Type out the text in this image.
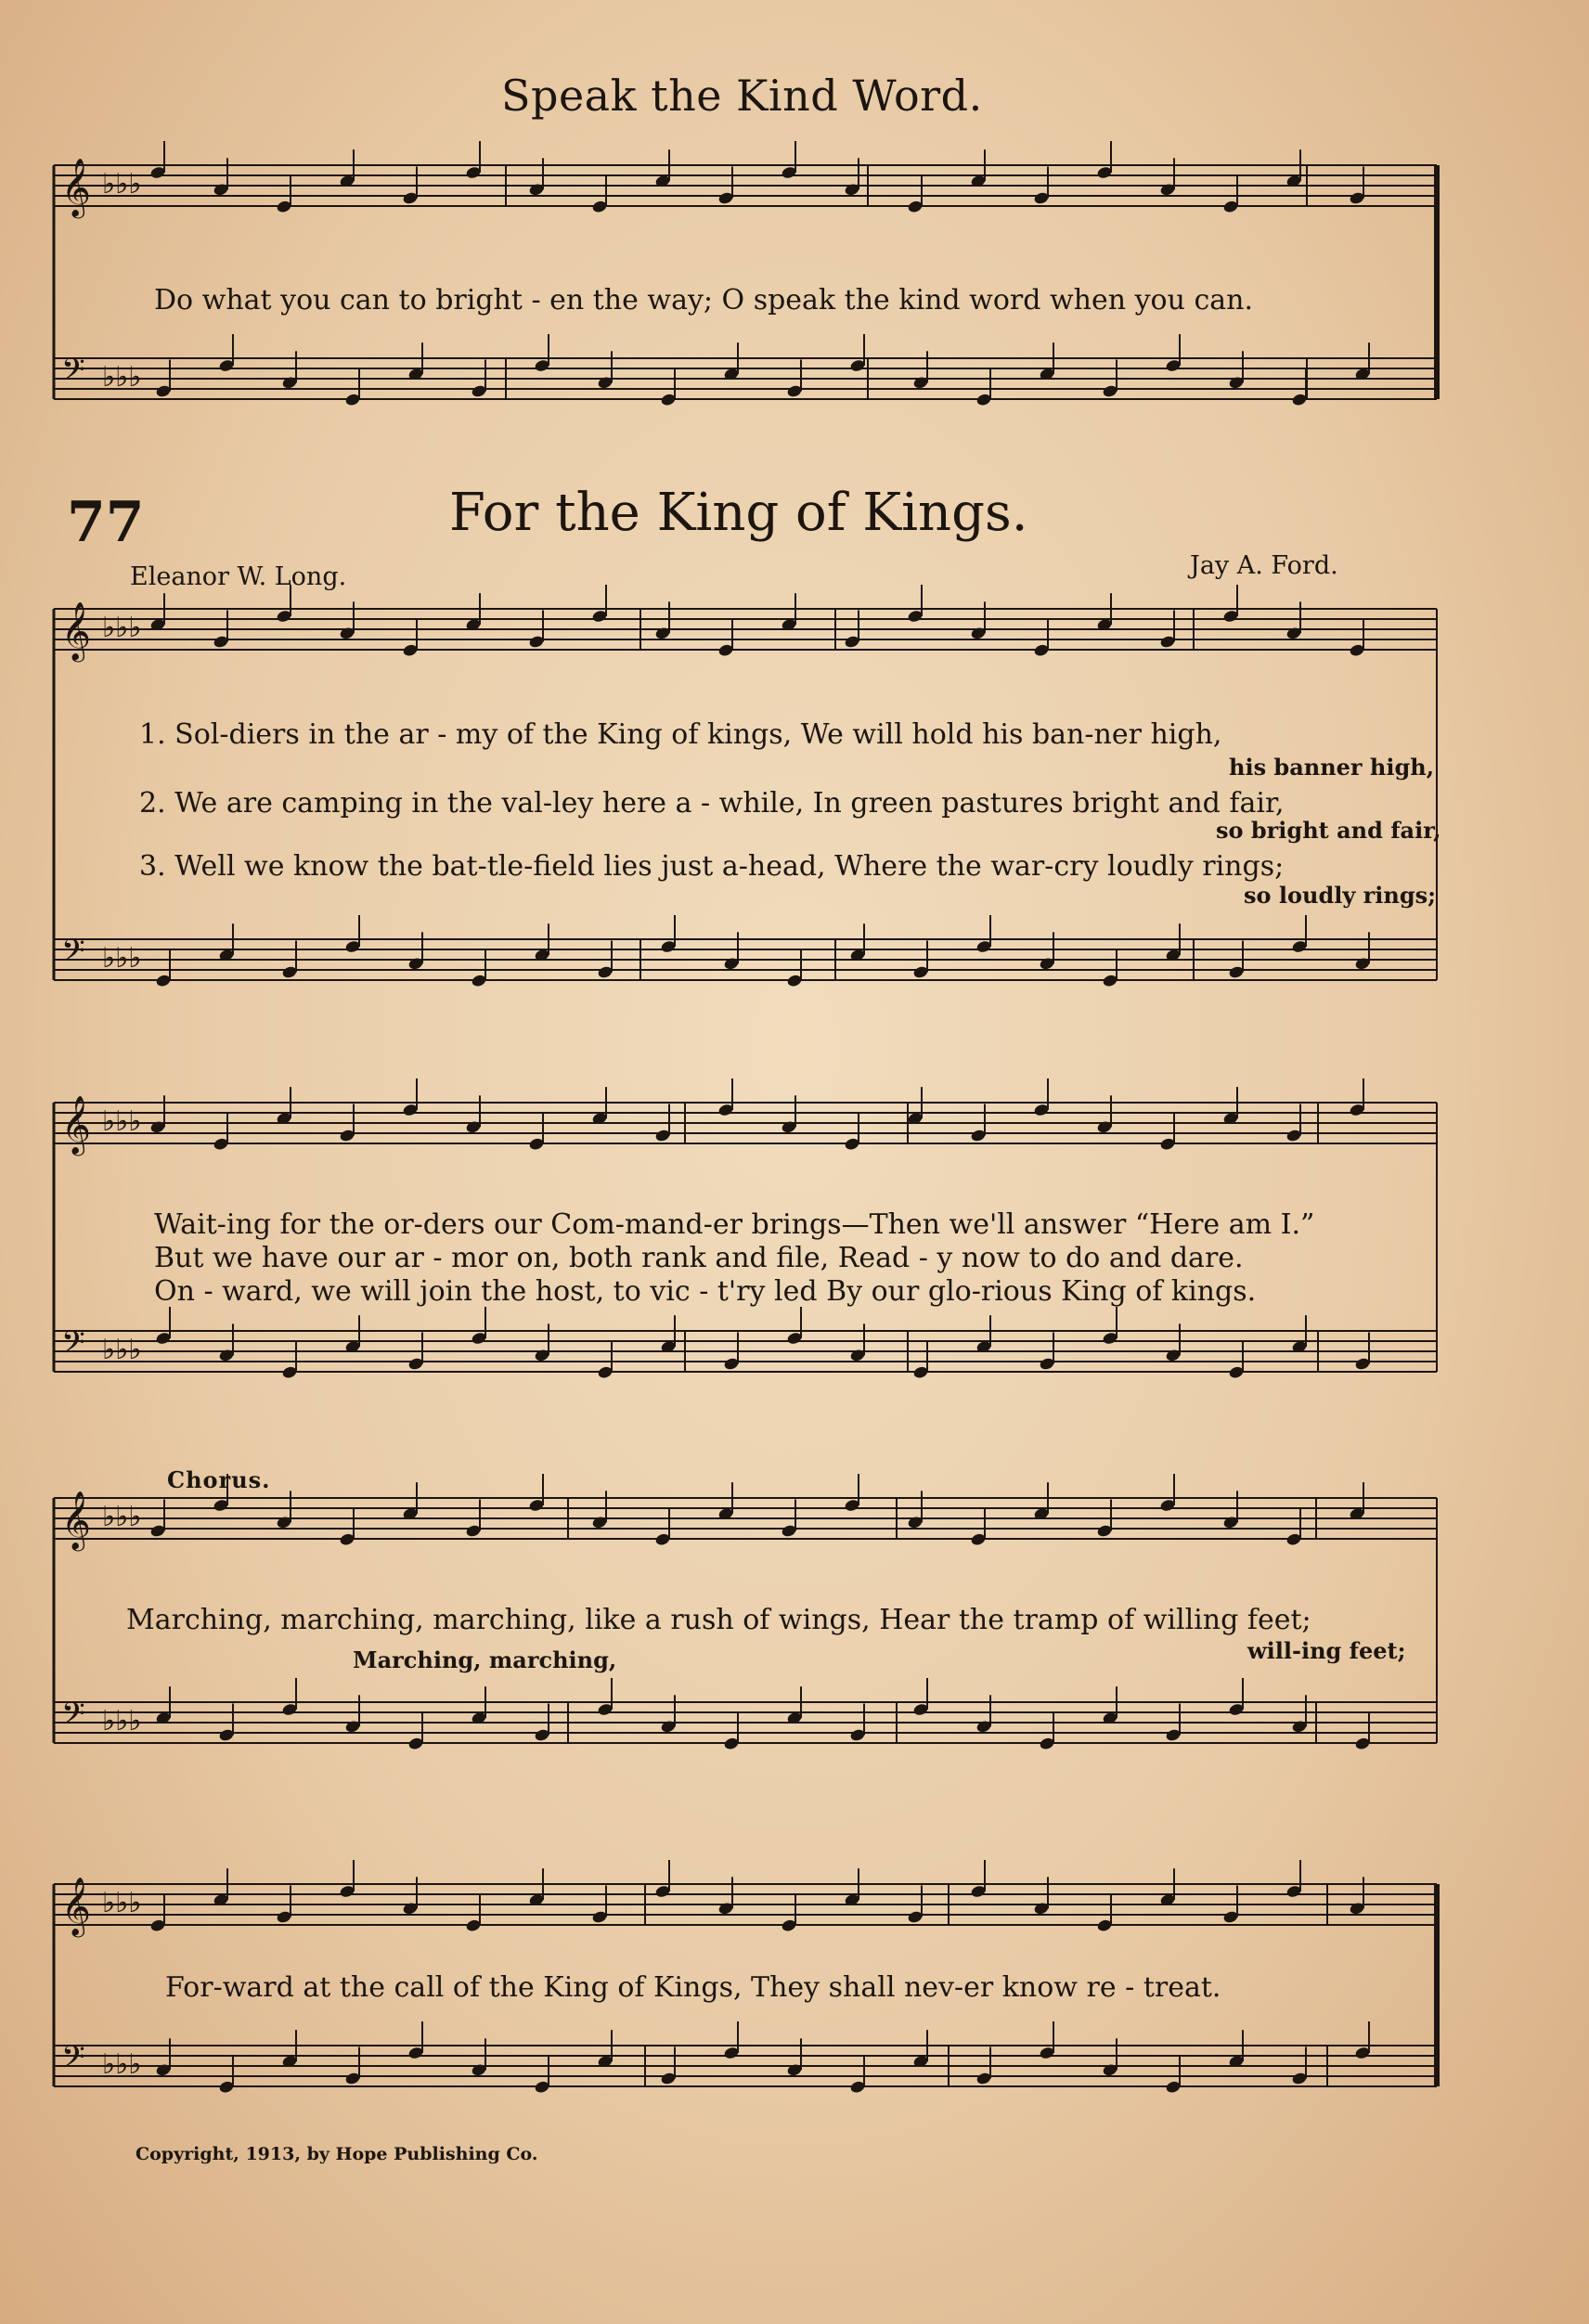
𝄞 ♭♭♭
𝄢 ♭♭♭
𝄞 ♭♭♭
𝄢 ♭♭♭
𝄞 ♭♭♭
𝄢 ♭♭♭
𝄞 ♭♭♭
𝄢 ♭♭♭
𝄞 ♭♭♭
𝄢 ♭♭♭
Speak the Kind Word.
Do what you can to bright - en the way; O speak the kind word when you can.
77	For the King of Kings.
Eleanor W. Long.	Jay A. Ford.
1. Sol-diers in the ar - my of the King of kings, We will hold his ban-ner high,
his banner high,
2. We are camping in the val-ley here a - while, In green pastures bright and fair,
so bright and fair,
3. Well we know the bat-tle-field lies just a-head, Where the war-cry loudly rings;
so loudly rings;
Wait-ing for the or-ders our Com-mand-er brings—Then we'll answer “Here am I.”
But we have our ar - mor on, both rank and file, Read - y now to do and dare.
On - ward, we will join the host, to vic - t'ry led By our glo-rious King of kings.
Chorus.
Marching, marching, marching, like a rush of wings, Hear the tramp of willing feet;
Marching, marching,	will-ing feet;
For-ward at the call of the King of Kings, They shall nev-er know re - treat.
Copyright, 1913, by Hope Publishing Co.
